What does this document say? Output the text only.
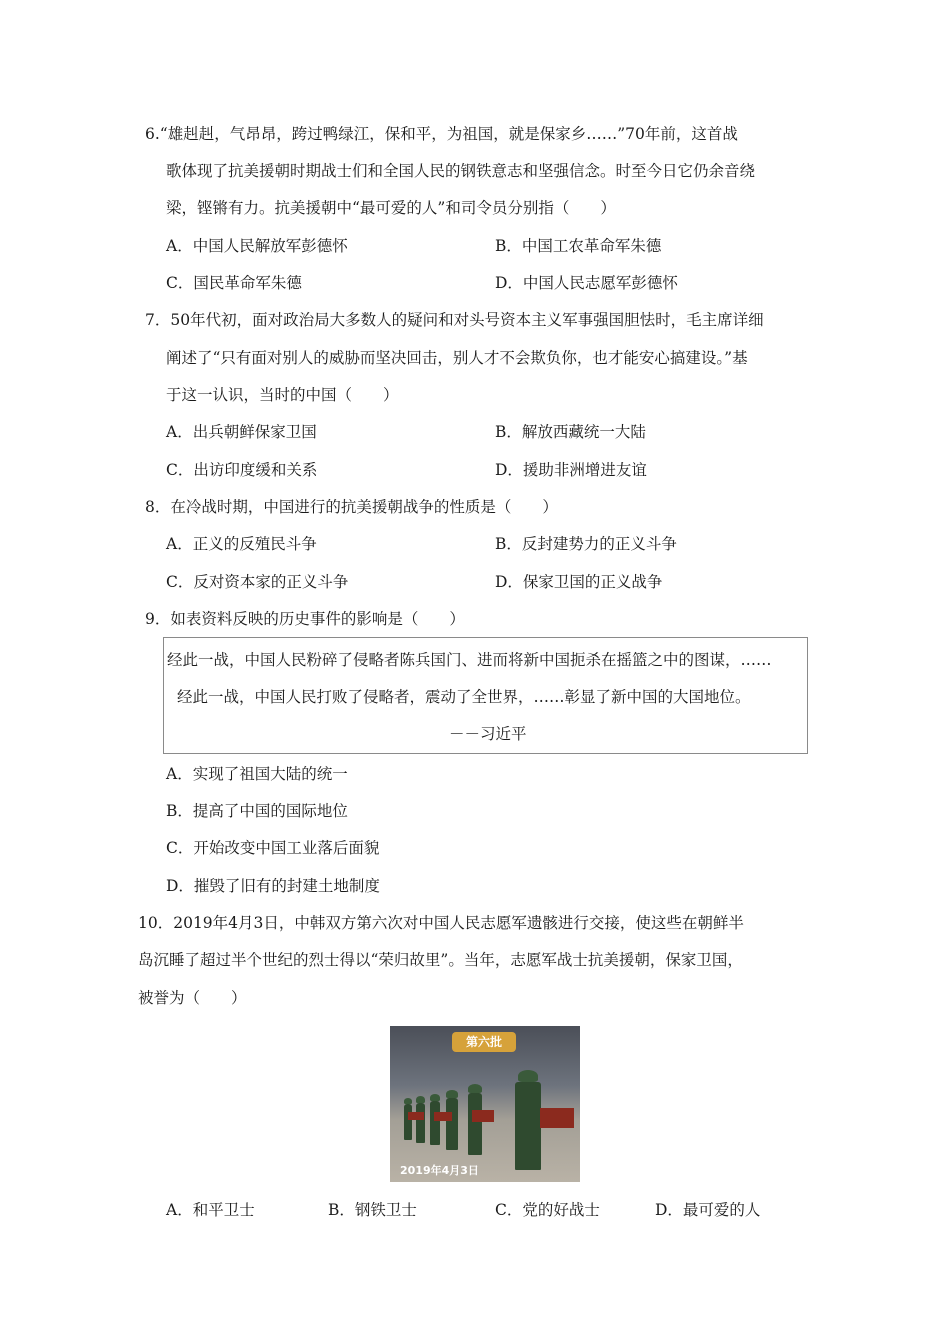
6.“雄赳赳，气昂昂，跨过鸭绿江，保和平，为祖国，就是保家乡……”70年前，这首战
歌体现了抗美援朝时期战士们和全国人民的钢铁意志和坚强信念。时至今日它仍余音绕
梁，铿锵有力。抗美援朝中“最可爱的人”和司令员分别指（　　）
A．中国人民解放军彭德怀	B．中国工农革命军朱德
C．国民革命军朱德	D．中国人民志愿军彭德怀
7．50年代初，面对政治局大多数人的疑问和对头号资本主义军事强国胆怯时，毛主席详细
阐述了“只有面对别人的威胁而坚决回击，别人才不会欺负你，也才能安心搞建设。”基
于这一认识，当时的中国（　　）
A．出兵朝鲜保家卫国	B．解放西藏统一大陆
C．出访印度缓和关系	D．援助非洲增进友谊
8．在冷战时期，中国进行的抗美援朝战争的性质是（　　）
A．正义的反殖民斗争	B．反封建势力的正义斗争
C．反对资本家的正义斗争	D．保家卫国的正义战争
9．如表资料反映的历史事件的影响是（　　）
经此一战，中国人民粉碎了侵略者陈兵国门、进而将新中国扼杀在摇篮之中的图谋，……
经此一战，中国人民打败了侵略者，震动了全世界，……彰显了新中国的大国地位。
－－习近平
A．实现了祖国大陆的统一
B．提高了中国的国际地位
C．开始改变中国工业落后面貌
D．摧毁了旧有的封建土地制度
10．2019年4月3日，中韩双方第六次对中国人民志愿军遗骸进行交接，使这些在朝鲜半
岛沉睡了超过半个世纪的烈士得以“荣归故里”。当年，志愿军战士抗美援朝，保家卫国，
被誉为（　　）
第六批
2019年4月3日
A．和平卫士	B．钢铁卫士	C．党的好战士	D．最可爱的人
